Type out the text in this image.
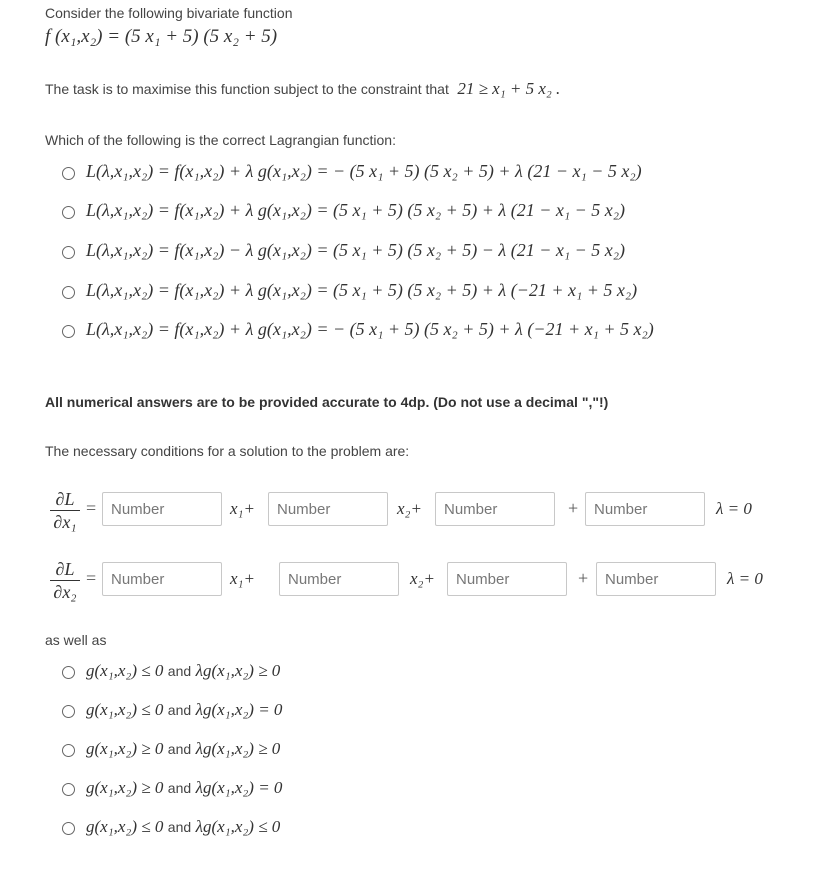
Consider the following bivariate function
f (x₁,x₂) = (5 x₁ + 5) (5 x₂ + 5)
The task is to maximise this function subject to the constraint that 21 ≥ x₁ + 5 x₂ .
Which of the following is the correct Lagrangian function:
L(λ,x₁,x₂) = f(x₁,x₂) + λ g(x₁,x₂) = − (5 x₁ + 5) (5 x₂ + 5) + λ (21 − x₁ − 5 x₂)
L(λ,x₁,x₂) = f(x₁,x₂) + λ g(x₁,x₂) = (5 x₁ + 5) (5 x₂ + 5) + λ (21 − x₁ − 5 x₂)
L(λ,x₁,x₂) = f(x₁,x₂) − λ g(x₁,x₂) = (5 x₁ + 5) (5 x₂ + 5) − λ (21 − x₁ − 5 x₂)
L(λ,x₁,x₂) = f(x₁,x₂) + λ g(x₁,x₂) = (5 x₁ + 5) (5 x₂ + 5) + λ (−21 + x₁ + 5 x₂)
L(λ,x₁,x₂) = f(x₁,x₂) + λ g(x₁,x₂) = − (5 x₁ + 5) (5 x₂ + 5) + λ (−21 + x₁ + 5 x₂)
All numerical answers are to be provided accurate to 4dp. (Do not use a decimal ","!)
The necessary conditions for a solution to the problem are:
∂L
∂x₁
=
Number	x₁+
Number	x₂+
Number	+
Number	λ = 0
∂L
∂x₂
=
Number	x₁+
Number	x₂+
Number	+
Number	λ = 0
as well as
g(x₁,x₂) ≤ 0 and λg(x₁,x₂) ≥ 0
g(x₁,x₂) ≤ 0 and λg(x₁,x₂) = 0
g(x₁,x₂) ≥ 0 and λg(x₁,x₂) ≥ 0
g(x₁,x₂) ≥ 0 and λg(x₁,x₂) = 0
g(x₁,x₂) ≤ 0 and λg(x₁,x₂) ≤ 0
